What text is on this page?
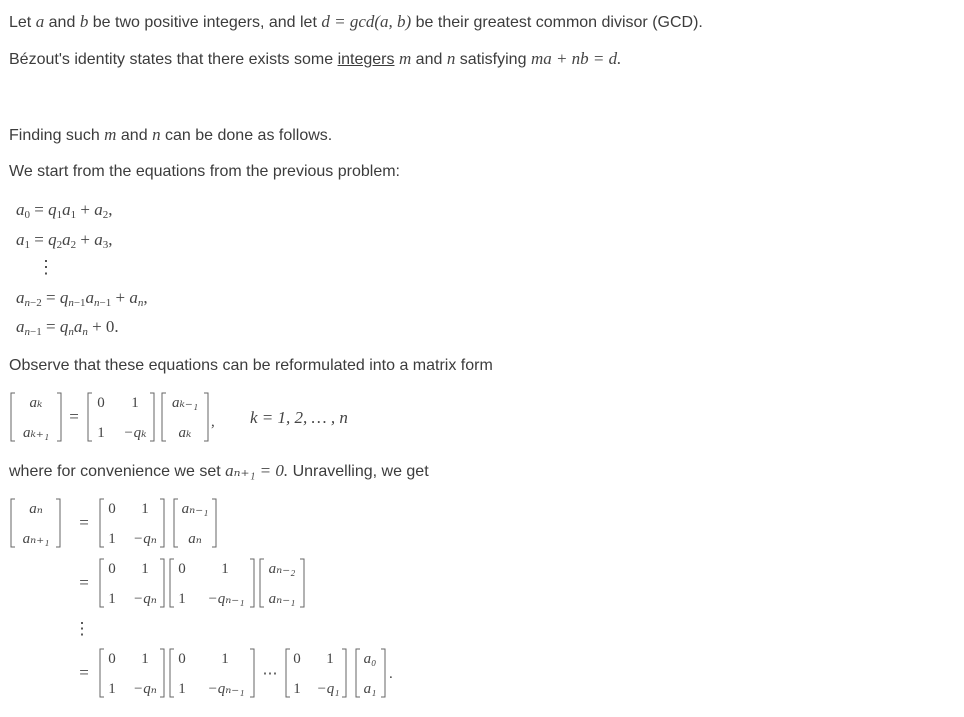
Let a and b be two positive integers, and let d = gcd(a, b) be their greatest common divisor (GCD).
Bézout's identity states that there exists some integers m and n satisfying ma + nb = d.
Finding such m and n can be done as follows.
We start from the equations from the previous problem:
$a_0 = q_1a_1 + a_2$,
$a_1 = q_2a_2 + a_3$,
⋮
$a_{n-2} = q_{n-1}a_{n-1} + a_n$,
$a_{n-1} = q_na_n + 0$.
Observe that these equations can be reformulated into a matrix form
aₖ
aₖ₊₁
=
0 1
1 −qₖ
aₖ₋₁
aₖ
, k = 1, 2, … , n
where for convenience we set aₙ₊₁ = 0. Unravelling, we get
aₙ
aₙ₊₁
=
0 1
1 −qₙ
aₙ₋₁
aₙ
=
0 1
1 −qₙ
0 1
1 −qₙ₋₁
aₙ₋₂
aₙ₋₁
⋮
=
0 1
1 −qₙ
0 1
1 −qₙ₋₁
⋯
0 1
1 −q₁
a₀
a₁
.
